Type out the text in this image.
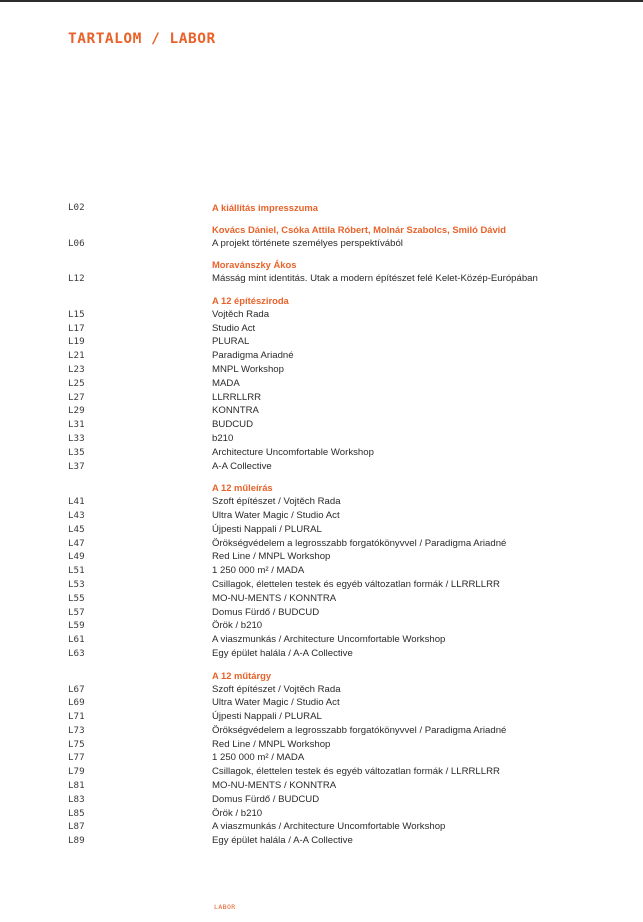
TARTALOM / LABOR
L02	A kiállítás impresszuma
Kovács Dániel, Csóka Attila Róbert, Molnár Szabolcs, Smiló Dávid
L06	A projekt története személyes perspektívából
Moravánszky Ákos
L12	Másság mint identitás. Utak a modern építészet felé Kelet-Közép-Európában
A 12 építésziroda
L15	Vojtěch Rada
L17	Studio Act
L19	PLURAL
L21	Paradigma Ariadné
L23	MNPL Workshop
L25	MADA
L27	LLRRLLRR
L29	KONNTRA
L31	BUDCUD
L33	b210
L35	Architecture Uncomfortable Workshop
L37	A-A Collective
A 12 műleírás
L41	Szoft építészet / Vojtěch Rada
L43	Ultra Water Magic / Studio Act
L45	Újpesti Nappali / PLURAL
L47	Örökségvédelem a legrosszabb forgatókönyvvel / Paradigma Ariadné
L49	Red Line / MNPL Workshop
L51	1 250 000 m² / MADA
L53	Csillagok, élettelen testek és egyéb változatlan formák / LLRRLLRR
L55	MO-NU-MENTS / KONNTRA
L57	Domus Fürdő / BUDCUD
L59	Örök / b210
L61	A viaszmunkás / Architecture Uncomfortable Workshop
L63	Egy épület halála / A-A Collective
A 12 műtárgy
L67	Szoft építészet / Vojtěch Rada
L69	Ultra Water Magic / Studio Act
L71	Újpesti Nappali / PLURAL
L73	Örökségvédelem a legrosszabb forgatókönyvvel / Paradigma Ariadné
L75	Red Line / MNPL Workshop
L77	1 250 000 m² / MADA
L79	Csillagok, élettelen testek és egyéb változatlan formák / LLRRLLRR
L81	MO-NU-MENTS / KONNTRA
L83	Domus Fürdő / BUDCUD
L85	Örök / b210
L87	A viaszmunkás / Architecture Uncomfortable Workshop
L89	Egy épület halála / A-A Collective
LABOR
